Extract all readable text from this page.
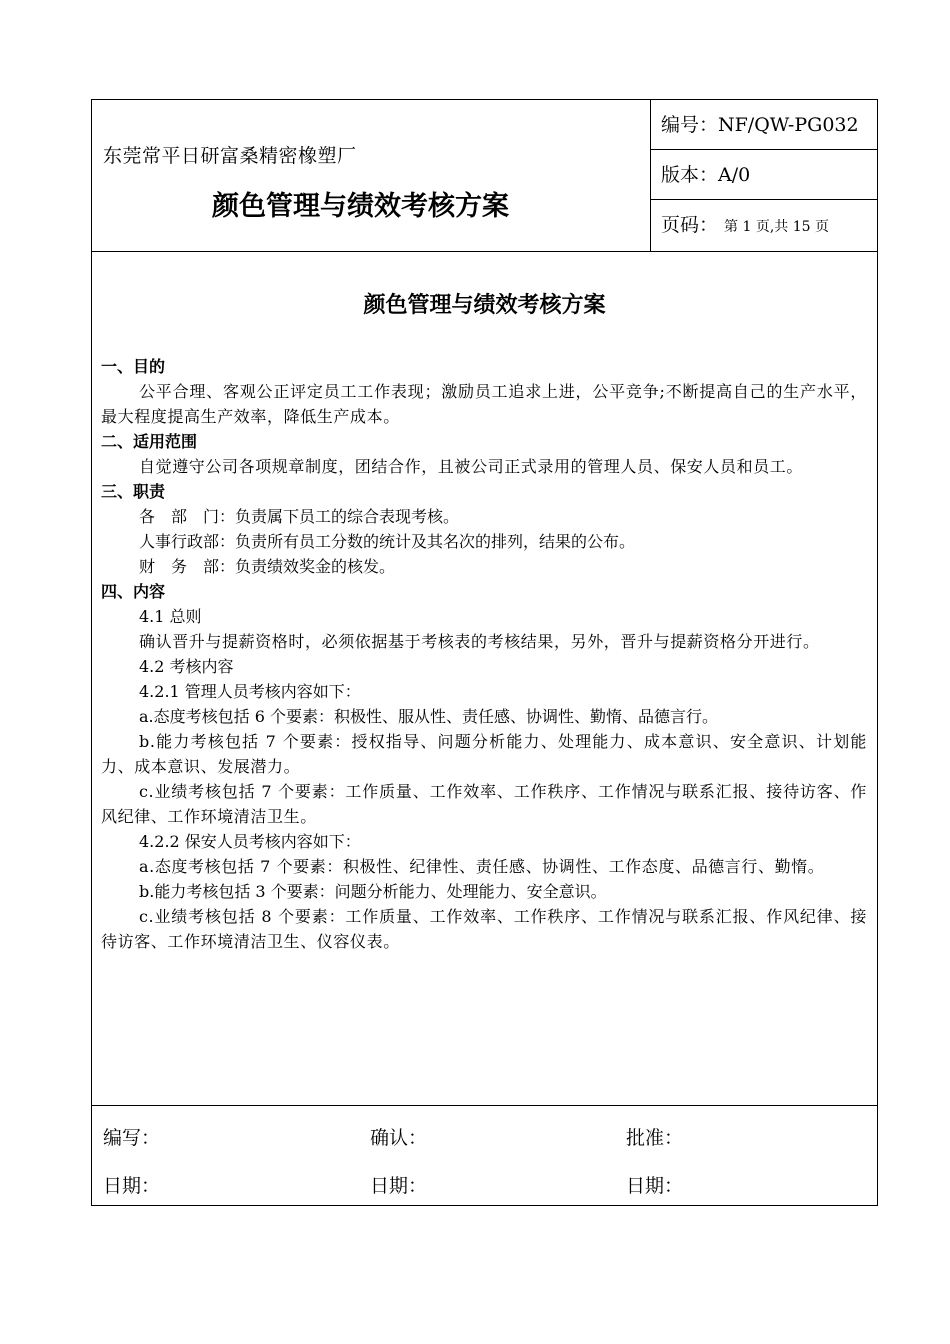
编号：NF/QW-PG032
版本：A/0
页码： 第 1 页,共 15 页
东莞常平日研富桑精密橡塑厂
颜色管理与绩效考核方案
颜色管理与绩效考核方案
一、目的
公平合理、客观公正评定员工工作表现；激励员工追求上进，公平竞争;不断提高自己的生产水平，最大程度提高生产效率，降低生产成本。
二、适用范围
自觉遵守公司各项规章制度，团结合作，且被公司正式录用的管理人员、保安人员和员工。
三、职责
各　部　门：负责属下员工的综合表现考核。
人事行政部：负责所有员工分数的统计及其名次的排列，结果的公布。
财　务　部：负责绩效奖金的核发。
四、内容
4.1 总则
确认晋升与提薪资格时，必须依据基于考核表的考核结果，另外，晋升与提薪资格分开进行。
4.2 考核内容
4.2.1 管理人员考核内容如下：
a.态度考核包括 6 个要素：积极性、服从性、责任感、协调性、勤惰、品德言行。
b.能力考核包括 7 个要素：授权指导、问题分析能力、处理能力、成本意识、安全意识、计划能力、成本意识、发展潜力。
c.业绩考核包括 7 个要素：工作质量、工作效率、工作秩序、工作情况与联系汇报、接待访客、作风纪律、工作环境清洁卫生。
4.2.2 保安人员考核内容如下：
a.态度考核包括 7 个要素：积极性、纪律性、责任感、协调性、工作态度、品德言行、勤惰。
b.能力考核包括 3 个要素：问题分析能力、处理能力、安全意识。
c.业绩考核包括 8 个要素：工作质量、工作效率、工作秩序、工作情况与联系汇报、作风纪律、接待访客、工作环境清洁卫生、仪容仪表。
编写：	确认：	批准：
日期：	日期：	日期：
